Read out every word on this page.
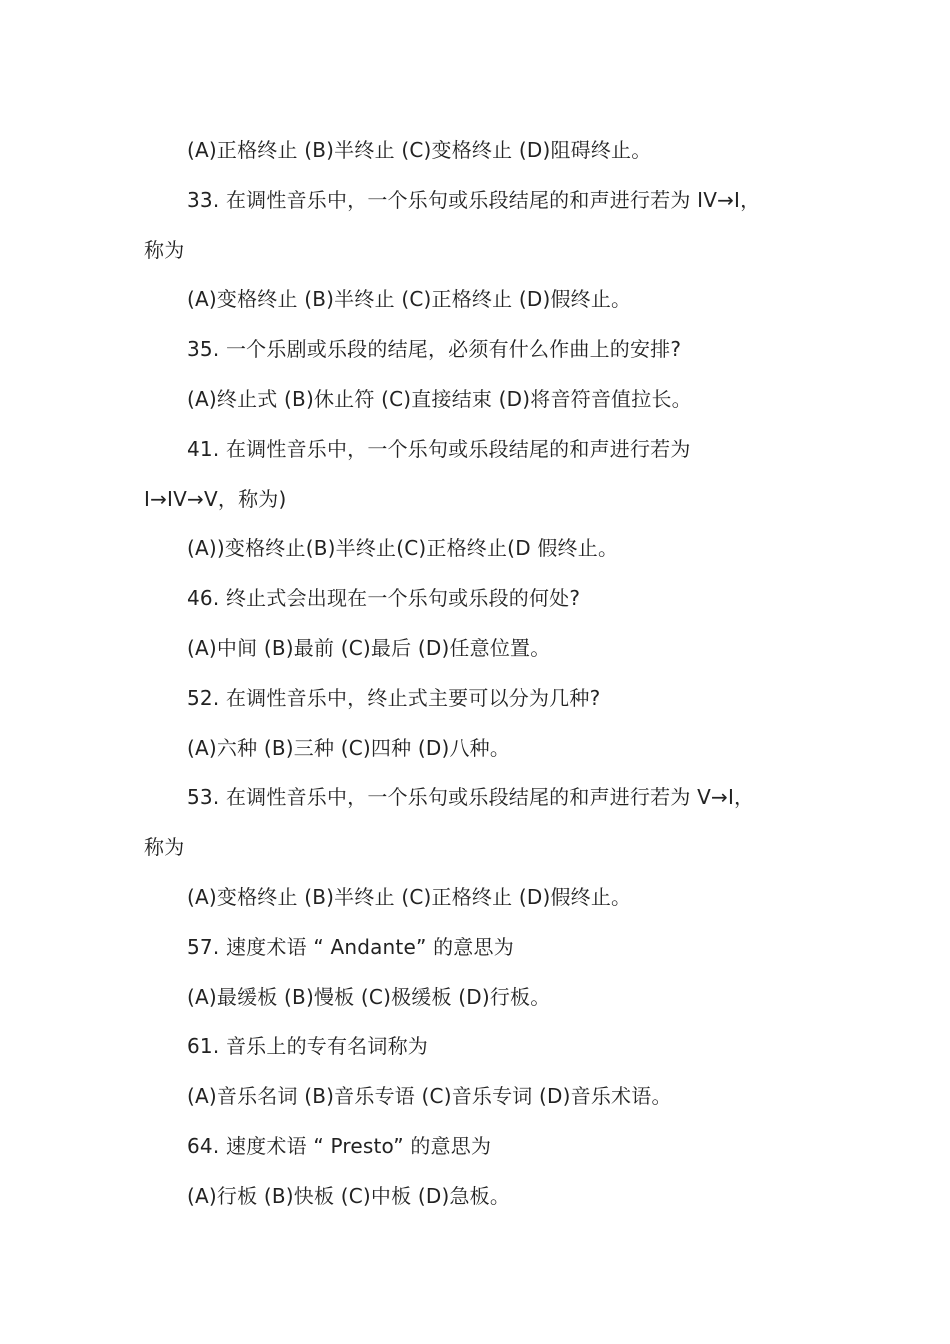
(A)正格终止 (B)半终止 (C)变格终止 (D)阻碍终止。
33. 在调性音乐中，一个乐句或乐段结尾的和声进行若为 IV→I，
称为
(A)变格终止 (B)半终止 (C)正格终止 (D)假终止。
35. 一个乐剧或乐段的结尾，必须有什么作曲上的安排?
(A)终止式 (B)休止符 (C)直接结束 (D)将音符音值拉长。
41. 在调性音乐中，一个乐句或乐段结尾的和声进行若为
I→IV→V，称为)
(A))变格终止(B)半终止(C)正格终止(D 假终止。
46. 终止式会出现在一个乐句或乐段的何处?
(A)中间 (B)最前 (C)最后 (D)任意位置。
52. 在调性音乐中，终止式主要可以分为几种?
(A)六种 (B)三种 (C)四种 (D)八种。
53. 在调性音乐中，一个乐句或乐段结尾的和声进行若为 V→I，
称为
(A)变格终止 (B)半终止 (C)正格终止 (D)假终止。
57. 速度术语 “ Andante” 的意思为
(A)最缓板 (B)慢板 (C)极缓板 (D)行板。
61. 音乐上的专有名词称为
(A)音乐名词 (B)音乐专语 (C)音乐专词 (D)音乐术语。
64. 速度术语 “ Presto” 的意思为
(A)行板 (B)快板 (C)中板 (D)急板。
